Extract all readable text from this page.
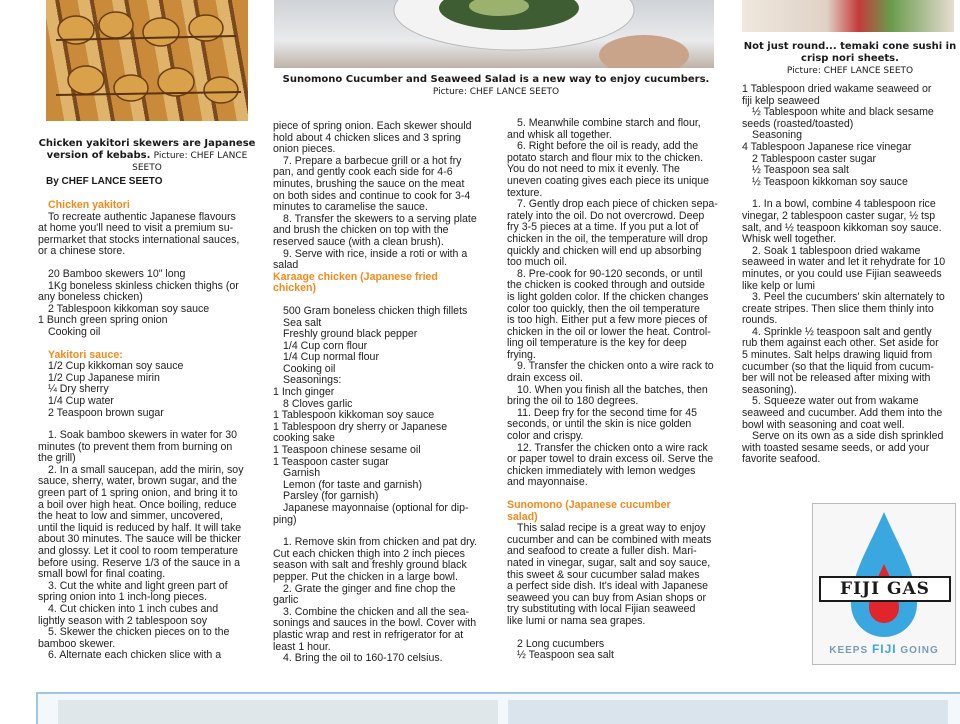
Chicken yakitori skewers are Japanese version of kebabs. Picture: CHEF LANCE SEETO
Sunomono Cucumber and Seaweed Salad is a new way to enjoy cucumbers.
Picture: CHEF LANCE SEETO
Not just round... temaki cone sushi in
crisp nori sheets.
Picture: CHEF LANCE SEETO
By CHEF LANCE SEETO

Chicken yakitori

To recreate authentic Japanese flavours
at home you'll need to visit a premium su-
permarket that stocks international sauces,
or a chinese store.
20 Bamboo skewers 10" long
1Kg boneless skinless chicken thighs (or
any boneless chicken)
2 Tablespoon kikkoman soy sauce
1 Bunch green spring onion
Cooking oil

Yakitori sauce:

1/2 Cup kikkoman soy sauce
1/2 Cup Japanese mirin
¼ Dry sherry
1/4 Cup water
2 Teaspoon brown sugar
1. Soak bamboo skewers in water for 30
minutes (to prevent them from burning on
the grill)
2. In a small saucepan, add the mirin, soy
sauce, sherry, water, brown sugar, and the
green part of 1 spring onion, and bring it to
a boil over high heat. Once boiling, reduce
the heat to low and simmer, uncovered,
until the liquid is reduced by half. It will take
about 30 minutes. The sauce will be thicker
and glossy. Let it cool to room temperature
before using. Reserve 1/3 of the sauce in a
small bowl for final coating.
3. Cut the white and light green part of
spring onion into 1 inch-long pieces.
4. Cut chicken into 1 inch cubes and
lightly season with 2 tablespoon soy
5. Skewer the chicken pieces on to the
bamboo skewer.
6. Alternate each chicken slice with a
piece of spring onion. Each skewer should
hold about 4 chicken slices and 3 spring
onion pieces.
7. Prepare a barbecue grill or a hot fry
pan, and gently cook each side for 4-6
minutes, brushing the sauce on the meat
on both sides and continue to cook for 3-4
minutes to caramelise the sauce.
8. Transfer the skewers to a serving plate
and brush the chicken on top with the
reserved sauce (with a clean brush).
9. Serve with rice, inside a roti or with a
salad
Karaage chicken (Japanese fried
chicken)
500 Gram boneless chicken thigh fillets
Sea salt
Freshly ground black pepper
1/4 Cup corn flour
1/4 Cup normal flour
Cooking oil
Seasonings:
1 Inch ginger
8 Cloves garlic
1 Tablespoon kikkoman soy sauce
1 Tablespoon dry sherry or Japanese
cooking sake
1 Teaspoon chinese sesame oil
1 Teaspoon caster sugar
Garnish
Lemon (for taste and garnish)
Parsley (for garnish)
Japanese mayonnaise (optional for dip-
ping)
1. Remove skin from chicken and pat dry.
Cut each chicken thigh into 2 inch pieces
season with salt and freshly ground black
pepper. Put the chicken in a large bowl.
2. Grate the ginger and fine chop the
garlic
3. Combine the chicken and all the sea-
sonings and sauces in the bowl. Cover with
plastic wrap and rest in refrigerator for at
least 1 hour.
4. Bring the oil to 160-170 celsius.
5. Meanwhile combine starch and flour,
and whisk all together.
6. Right before the oil is ready, add the
potato starch and flour mix to the chicken.
You do not need to mix it evenly. The
uneven coating gives each piece its unique
texture.
7. Gently drop each piece of chicken sepa-
rately into the oil. Do not overcrowd. Deep
fry 3-5 pieces at a time. If you put a lot of
chicken in the oil, the temperature will drop
quickly and chicken will end up absorbing
too much oil.
8. Pre-cook for 90-120 seconds, or until
the chicken is cooked through and outside
is light golden color. If the chicken changes
color too quickly, then the oil temperature
is too high. Either put a few more pieces of
chicken in the oil or lower the heat. Control-
ling oil temperature is the key for deep
frying.
9. Transfer the chicken onto a wire rack to
drain excess oil.
10. When you finish all the batches, then
bring the oil to 180 degrees.
11. Deep fry for the second time for 45
seconds, or until the skin is nice golden
color and crispy.
12. Transfer the chicken onto a wire rack
or paper towel to drain excess oil. Serve the
chicken immediately with lemon wedges
and mayonnaise.
Sunomono (Japanese cucumber
salad)
This salad recipe is a great way to enjoy
cucumber and can be combined with meats
and seafood to create a fuller dish. Mari-
nated in vinegar, sugar, salt and soy sauce,
this sweet & sour cucumber salad makes
a perfect side dish. It's ideal with Japanese
seaweed you can buy from Asian shops or
try substituting with local Fijian seaweed
like lumi or nama sea grapes.
2 Long cucumbers
½ Teaspoon sea salt
1 Tablespoon dried wakame seaweed or
fiji kelp seaweed
½ Tablespoon white and black sesame
seeds (roasted/toasted)
Seasoning
4 Tablespoon Japanese rice vinegar
2 Tablespoon caster sugar
½ Teaspoon sea salt
½ Teaspoon kikkoman soy sauce
1. In a bowl, combine 4 tablespoon rice
vinegar, 2 tablespoon caster sugar, ½ tsp
salt, and ½ teaspoon kikkoman soy sauce.
Whisk well together.
2. Soak 1 tablespoon dried wakame
seaweed in water and let it rehydrate for 10
minutes, or you could use Fijian seaweeds
like kelp or lumi
3. Peel the cucumbers' skin alternately to
create stripes. Then slice them thinly into
rounds.
4. Sprinkle ½ teaspoon salt and gently
rub them against each other. Set aside for
5 minutes. Salt helps drawing liquid from
cucumber (so that the liquid from cucum-
ber will not be released after mixing with
seasoning).
5. Squeeze water out from wakame
seaweed and cucumber. Add them into the
bowl with seasoning and coat well.
Serve on its own as a side dish sprinkled
with toasted sesame seeds, or add your
favorite seafood.
FIJI GAS
KEEPS FIJI GOING
